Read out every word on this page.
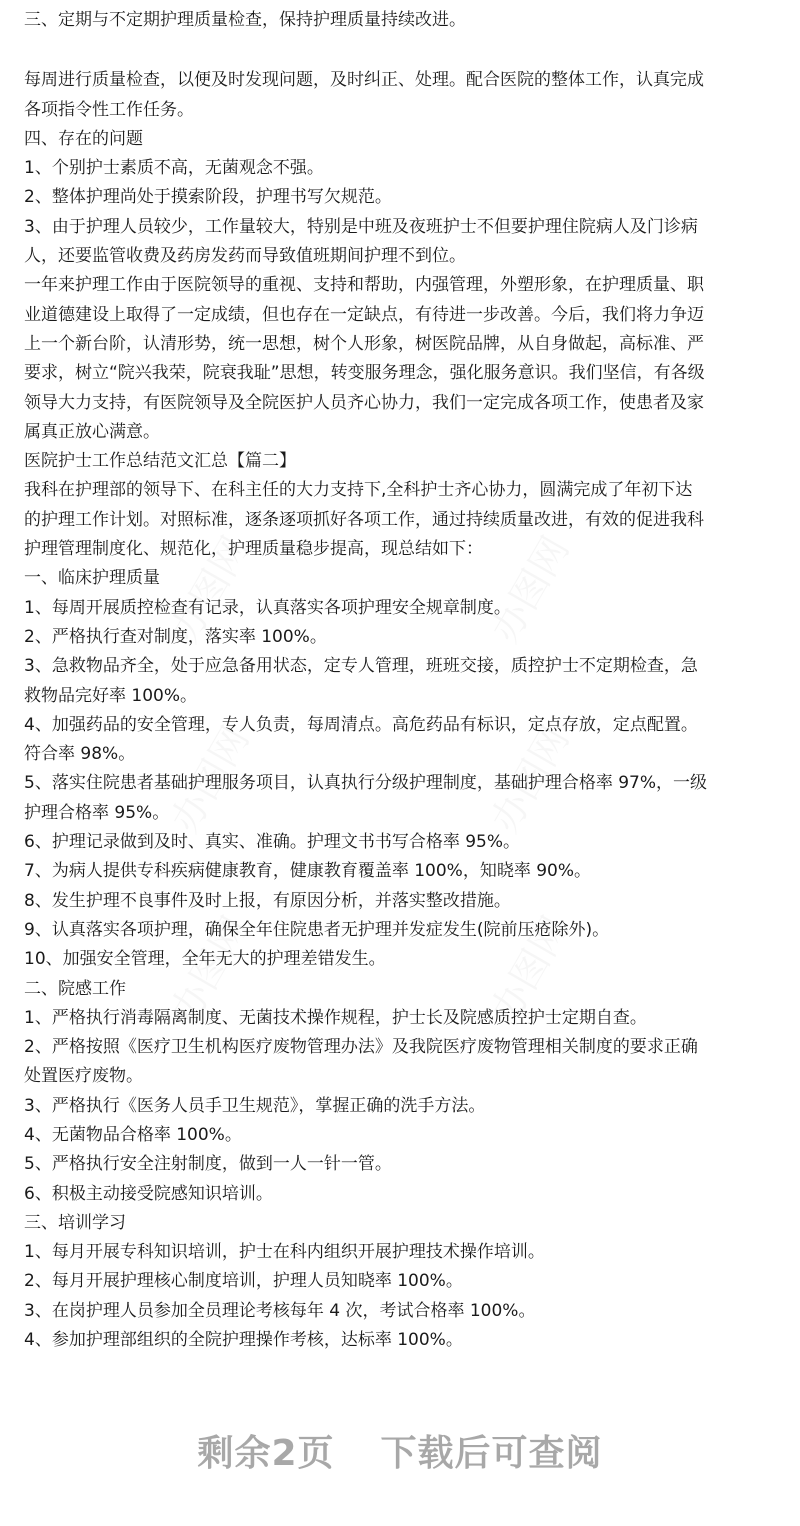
三、定期与不定期护理质量检查，保持护理质量持续改进。
每周进行质量检查，以便及时发现问题，及时纠正、处理。配合医院的整体工作，认真完成
各项指令性工作任务。
四、存在的问题
1、个别护士素质不高，无菌观念不强。
2、整体护理尚处于摸索阶段，护理书写欠规范。
3、由于护理人员较少，工作量较大，特别是中班及夜班护士不但要护理住院病人及门诊病
人，还要监管收费及药房发药而导致值班期间护理不到位。
一年来护理工作由于医院领导的重视、支持和帮助，内强管理，外塑形象，在护理质量、职
业道德建设上取得了一定成绩，但也存在一定缺点，有待进一步改善。今后，我们将力争迈
上一个新台阶，认清形势，统一思想，树个人形象，树医院品牌，从自身做起，高标准、严
要求，树立“院兴我荣，院衰我耻”思想，转变服务理念，强化服务意识。我们坚信，有各级
领导大力支持，有医院领导及全院医护人员齐心协力，我们一定完成各项工作，使患者及家
属真正放心满意。
医院护士工作总结范文汇总【篇二】
我科在护理部的领导下、在科主任的大力支持下,全科护士齐心协力，圆满完成了年初下达
的护理工作计划。对照标准，逐条逐项抓好各项工作，通过持续质量改进，有效的促进我科
护理管理制度化、规范化，护理质量稳步提高，现总结如下：
一、临床护理质量
1、每周开展质控检查有记录，认真落实各项护理安全规章制度。
2、严格执行查对制度，落实率 100%。
3、急救物品齐全，处于应急备用状态，定专人管理，班班交接，质控护士不定期检查，急
救物品完好率 100%。
4、加强药品的安全管理，专人负责，每周清点。高危药品有标识，定点存放，定点配置。
符合率 98%。
5、落实住院患者基础护理服务项目，认真执行分级护理制度，基础护理合格率 97%，一级
护理合格率 95%。
6、护理记录做到及时、真实、准确。护理文书书写合格率 95%。
7、为病人提供专科疾病健康教育，健康教育覆盖率 100%，知晓率 90%。
8、发生护理不良事件及时上报，有原因分析，并落实整改措施。
9、认真落实各项护理，确保全年住院患者无护理并发症发生(院前压疮除外)。
10、加强安全管理，全年无大的护理差错发生。
二、院感工作
1、严格执行消毒隔离制度、无菌技术操作规程，护士长及院感质控护士定期自查。
2、严格按照《医疗卫生机构医疗废物管理办法》及我院医疗废物管理相关制度的要求正确
处置医疗废物。
3、严格执行《医务人员手卫生规范》，掌握正确的洗手方法。
4、无菌物品合格率 100%。
5、严格执行安全注射制度，做到一人一针一管。
6、积极主动接受院感知识培训。
三、培训学习
1、每月开展专科知识培训，护士在科内组织开展护理技术操作培训。
2、每月开展护理核心制度培训，护理人员知晓率 100%。
3、在岗护理人员参加全员理论考核每年 4 次，考试合格率 100%。
4、参加护理部组织的全院护理操作考核，达标率 100%。
剩余2页 下载后可查阅
